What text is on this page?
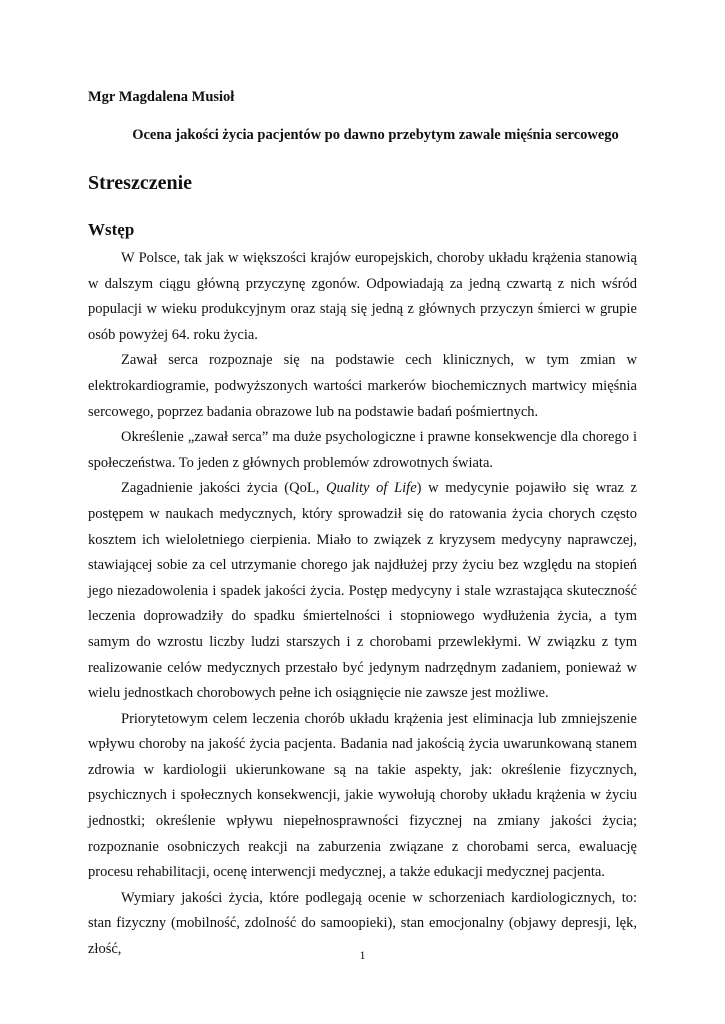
Mgr Magdalena Musioł

Ocena jakości życia pacjentów po dawno przebytym zawale mięśnia sercowego

Streszczenie
Wstęp

W Polsce, tak jak w większości krajów europejskich, choroby układu krążenia stanowią w dalszym ciągu główną przyczynę zgonów. Odpowiadają za jedną czwartą z nich wśród populacji w wieku produkcyjnym oraz stają się jedną z głównych przyczyn śmierci w grupie osób powyżej 64. roku życia.

Zawał serca rozpoznaje się na podstawie cech klinicznych, w tym zmian w elektrokardiogramie, podwyższonych wartości markerów biochemicznych martwicy mięśnia sercowego, poprzez badania obrazowe lub na podstawie badań pośmiertnych.

Określenie „zawał serca” ma duże psychologiczne i prawne konsekwencje dla chorego i społeczeństwa. To jeden z głównych problemów zdrowotnych świata.

Zagadnienie jakości życia (QoL, Quality of Life) w medycynie pojawiło się wraz z postępem w naukach medycznych, który sprowadził się do ratowania życia chorych często kosztem ich wieloletniego cierpienia. Miało to związek z kryzysem medycyny naprawczej, stawiającej sobie za cel utrzymanie chorego jak najdłużej przy życiu bez względu na stopień jego niezadowolenia i spadek jakości życia. Postęp medycyny i stale wzrastająca skuteczność leczenia doprowadziły do spadku śmiertelności i stopniowego wydłużenia życia, a tym samym do wzrostu liczby ludzi starszych i z chorobami przewlekłymi. W związku z tym realizowanie celów medycznych przestało być jedynym nadrzędnym zadaniem, ponieważ w wielu jednostkach chorobowych pełne ich osiągnięcie nie zawsze jest możliwe.

Priorytetowym celem leczenia chorób układu krążenia jest eliminacja lub zmniejszenie wpływu choroby na jakość życia pacjenta. Badania nad jakością życia uwarunkowaną stanem zdrowia w kardiologii ukierunkowane są na takie aspekty, jak: określenie fizycznych, psychicznych i społecznych konsekwencji, jakie wywołują choroby układu krążenia w życiu jednostki; określenie wpływu niepełnosprawności fizycznej na zmiany jakości życia; rozpoznanie osobniczych reakcji na zaburzenia związane z chorobami serca, ewaluację procesu rehabilitacji, ocenę interwencji medycznej, a także edukacji medycznej pacjenta.

Wymiary jakości życia, które podlegają ocenie w schorzeniach kardiologicznych, to: stan fizyczny (mobilność, zdolność do samoopieki), stan emocjonalny (objawy depresji, lęk, złość,	1
